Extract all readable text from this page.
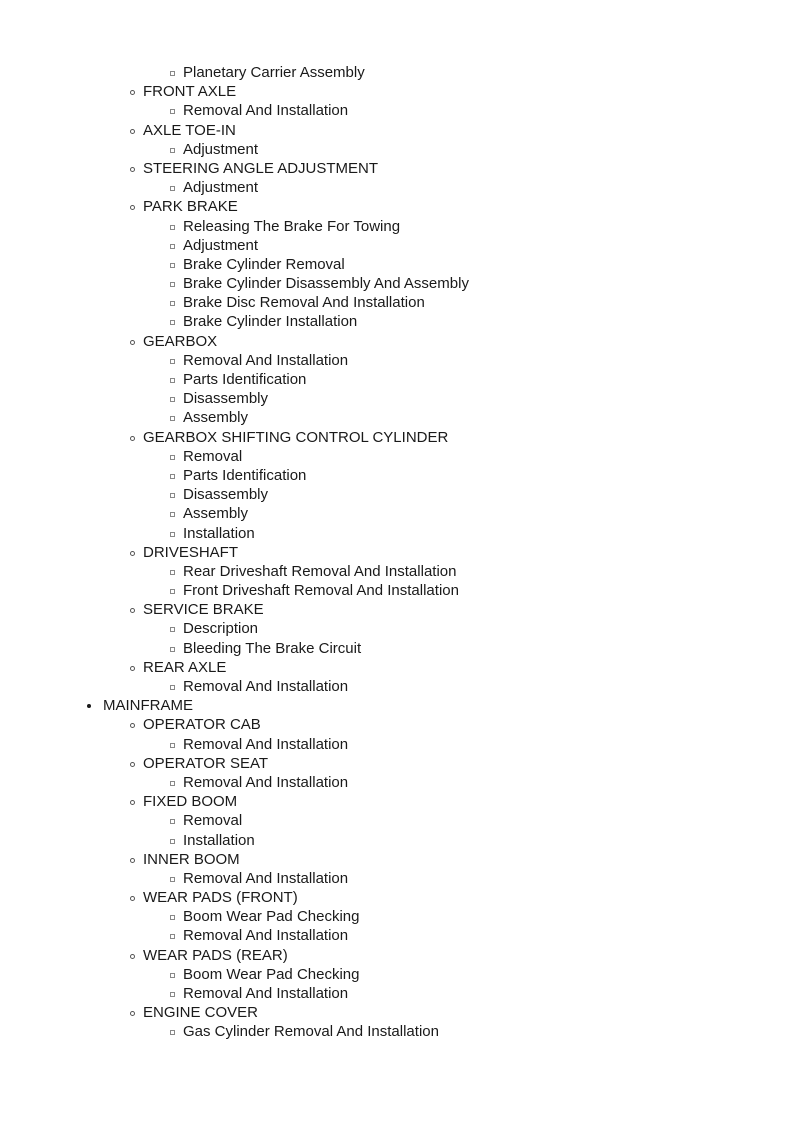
Planetary Carrier Assembly
FRONT AXLE
Removal And Installation
AXLE TOE-IN
Adjustment
STEERING ANGLE ADJUSTMENT
Adjustment
PARK BRAKE
Releasing The Brake For Towing
Adjustment
Brake Cylinder Removal
Brake Cylinder Disassembly And Assembly
Brake Disc Removal And Installation
Brake Cylinder Installation
GEARBOX
Removal And Installation
Parts Identification
Disassembly
Assembly
GEARBOX SHIFTING CONTROL CYLINDER
Removal
Parts Identification
Disassembly
Assembly
Installation
DRIVESHAFT
Rear Driveshaft Removal And Installation
Front Driveshaft Removal And Installation
SERVICE BRAKE
Description
Bleeding The Brake Circuit
REAR AXLE
Removal And Installation
MAINFRAME
OPERATOR CAB
Removal And Installation
OPERATOR SEAT
Removal And Installation
FIXED BOOM
Removal
Installation
INNER BOOM
Removal And Installation
WEAR PADS (FRONT)
Boom Wear Pad Checking
Removal And Installation
WEAR PADS (REAR)
Boom Wear Pad Checking
Removal And Installation
ENGINE COVER
Gas Cylinder Removal And Installation
